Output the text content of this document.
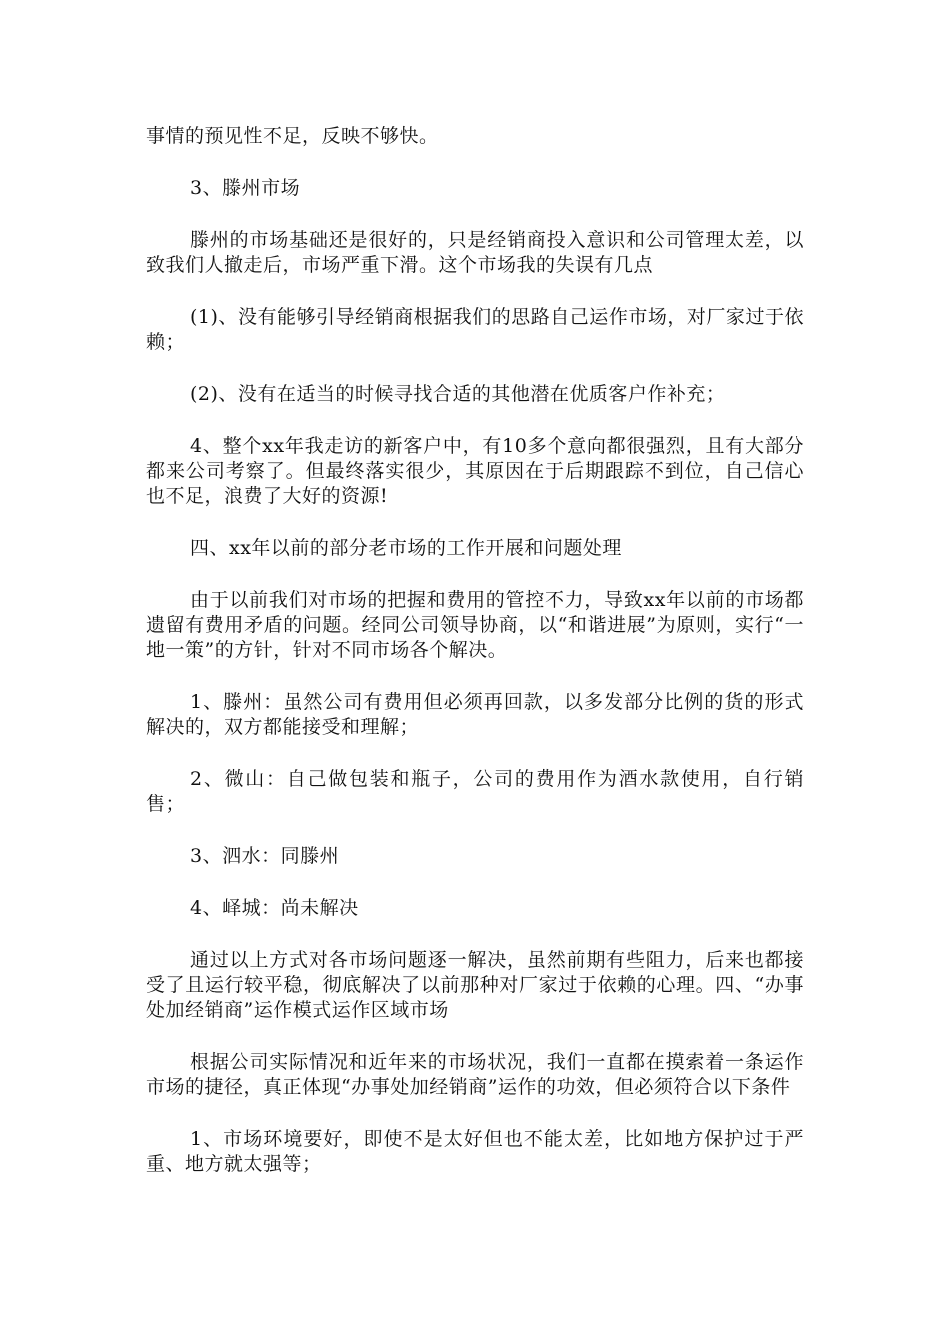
事情的预见性不足，反映不够快。

3、滕州市场

滕州的市场基础还是很好的，只是经销商投入意识和公司管理太差，以致我们人撤走后，市场严重下滑。这个市场我的失误有几点

(1)、没有能够引导经销商根据我们的思路自己运作市场，对厂家过于依赖；

(2)、没有在适当的时候寻找合适的其他潜在优质客户作补充；

4、整个xx年我走访的新客户中，有10多个意向都很强烈，且有大部分都来公司考察了。但最终落实很少，其原因在于后期跟踪不到位，自己信心也不足，浪费了大好的资源!

四、xx年以前的部分老市场的工作开展和问题处理

由于以前我们对市场的把握和费用的管控不力，导致xx年以前的市场都遗留有费用矛盾的问题。经同公司领导协商，以“和谐进展”为原则，实行“一地一策”的方针，针对不同市场各个解决。

1、滕州：虽然公司有费用但必须再回款，以多发部分比例的货的形式解决的，双方都能接受和理解；

2、微山：自己做包装和瓶子，公司的费用作为酒水款使用，自行销售；

3、泗水：同滕州

4、峄城：尚未解决

通过以上方式对各市场问题逐一解决，虽然前期有些阻力，后来也都接受了且运行较平稳，彻底解决了以前那种对厂家过于依赖的心理。四、“办事处加经销商”运作模式运作区域市场

根据公司实际情况和近年来的市场状况，我们一直都在摸索着一条运作市场的捷径，真正体现“办事处加经销商”运作的功效，但必须符合以下条件

1、市场环境要好，即使不是太好但也不能太差，比如地方保护过于严重、地方就太强等；
